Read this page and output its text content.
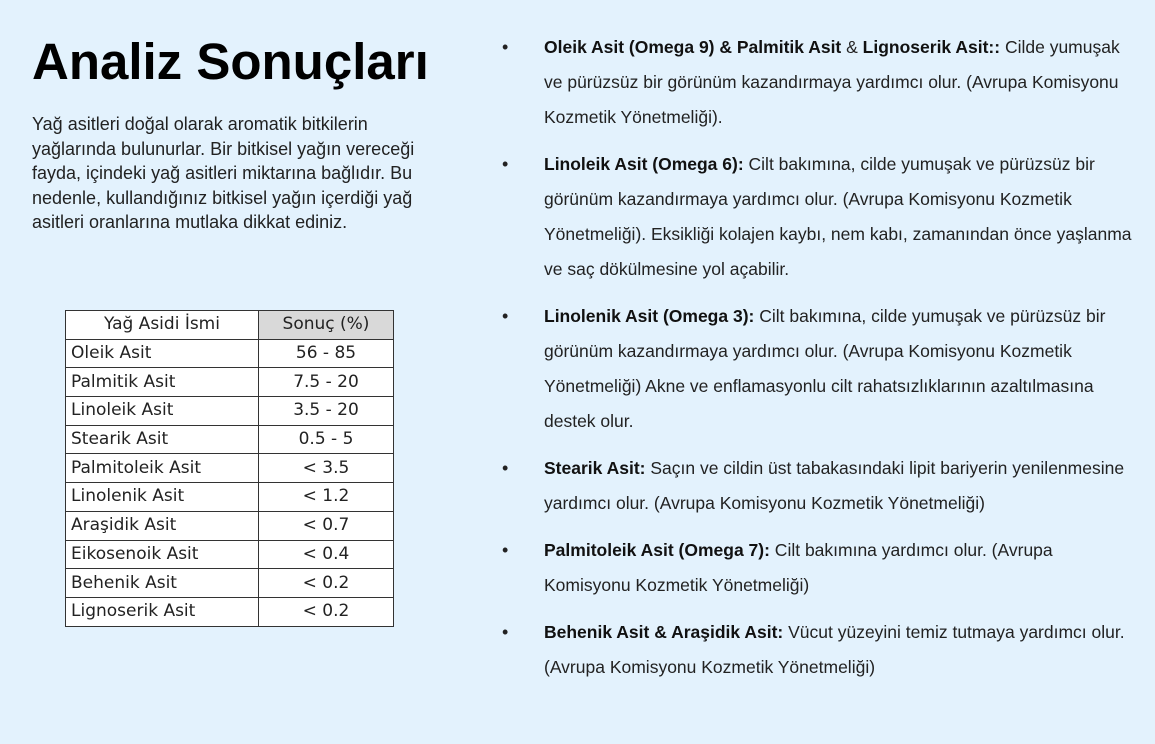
Analiz Sonuçları

Yağ asitleri doğal olarak aromatik bitkilerin yağlarında bulunurlar. Bir bitkisel yağın vereceği fayda, içindeki yağ asitleri miktarına bağlıdır. Bu nedenle, kullandığınız bitkisel yağın içerdiği yağ asitleri oranlarına mutlaka dikkat ediniz.

Yağ Asidi İsmi	Sonuç (%)
Oleik Asit	56 - 85
Palmitik Asit	7.5 - 20
Linoleik Asit	3.5 - 20
Stearik Asit	0.5 - 5
Palmitoleik Asit	< 3.5
Linolenik Asit	< 1.2
Araşidik Asit	< 0.7
Eikosenoik Asit	< 0.4
Behenik Asit	< 0.2
Lignoserik Asit	< 0.2
• Oleik Asit (Omega 9) & Palmitik Asit & Lignoserik Asit:: Cilde yumuşak ve pürüzsüz bir görünüm kazandırmaya yardımcı olur. (Avrupa Komisyonu Kozmetik Yönetmeliği).
• Linoleik Asit (Omega 6): Cilt bakımına, cilde yumuşak ve pürüzsüz bir görünüm kazandırmaya yardımcı olur. (Avrupa Komisyonu Kozmetik Yönetmeliği). Eksikliği kolajen kaybı, nem kabı, zamanından önce yaşlanma ve saç dökülmesine yol açabilir.
• Linolenik Asit (Omega 3): Cilt bakımına, cilde yumuşak ve pürüzsüz bir görünüm kazandırmaya yardımcı olur. (Avrupa Komisyonu Kozmetik Yönetmeliği) Akne ve enflamasyonlu cilt rahatsızlıklarının azaltılmasına destek olur.
• Stearik Asit: Saçın ve cildin üst tabakasındaki lipit bariyerin yenilenmesine yardımcı olur. (Avrupa Komisyonu Kozmetik Yönetmeliği)
• Palmitoleik Asit (Omega 7): Cilt bakımına yardımcı olur. (Avrupa Komisyonu Kozmetik Yönetmeliği)
• Behenik Asit & Araşidik Asit: Vücut yüzeyini temiz tutmaya yardımcı olur. (Avrupa Komisyonu Kozmetik Yönetmeliği)
